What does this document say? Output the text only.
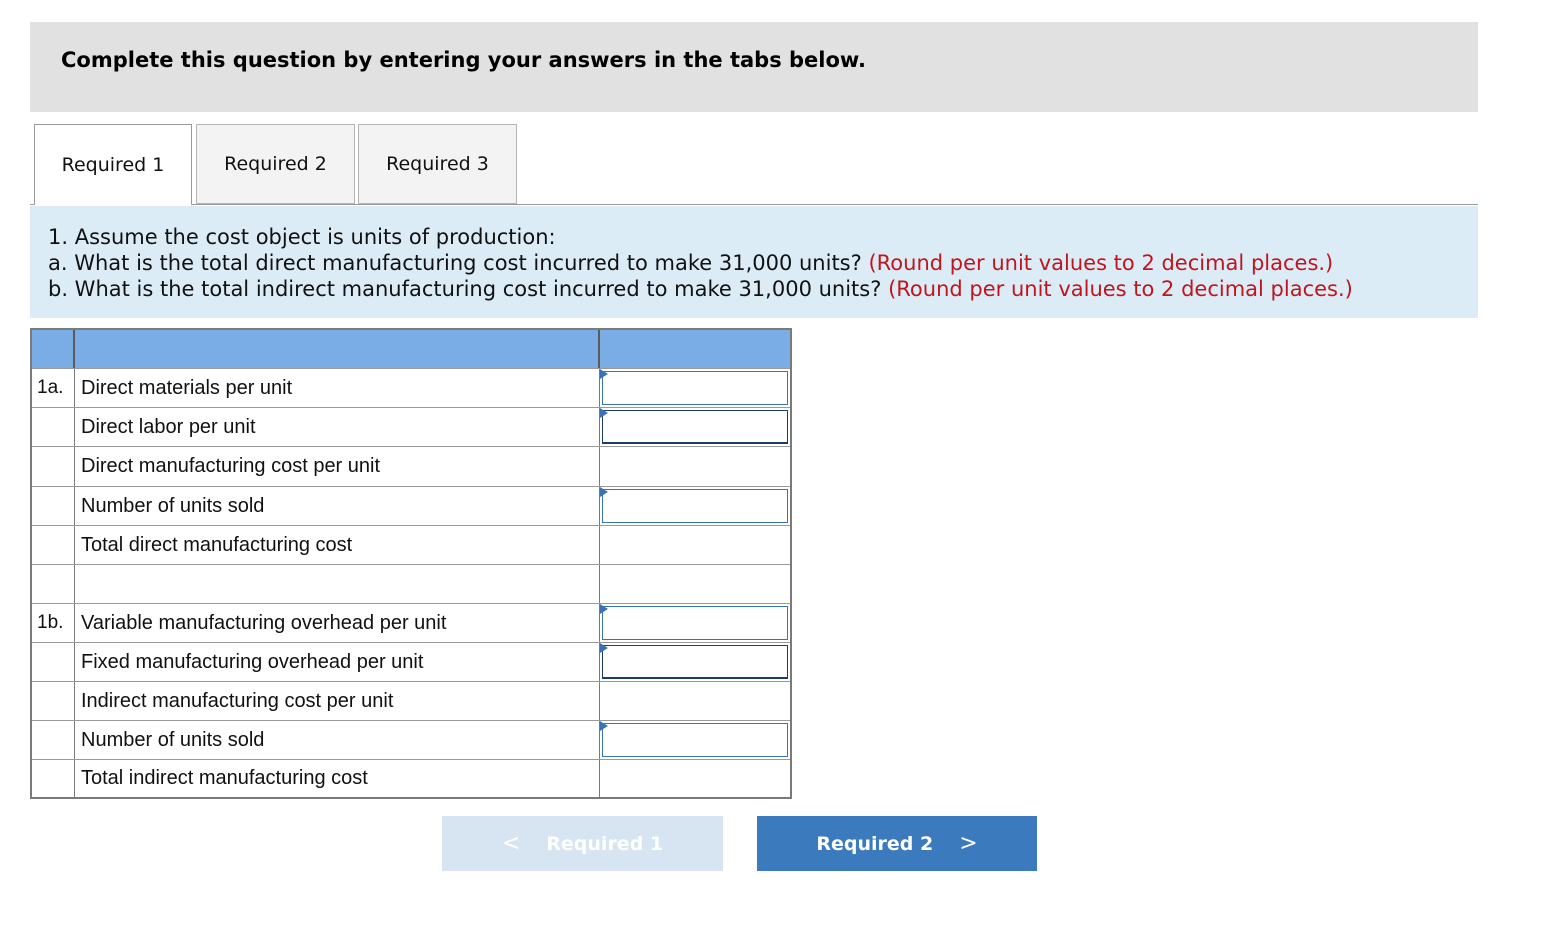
Complete this question by entering your answers in the tabs below.
Required 1	Required 2	Required 3
1. Assume the cost object is units of production:
a. What is the total direct manufacturing cost incurred to make 31,000 units? (Round per unit values to 2 decimal places.)
b. What is the total indirect manufacturing cost incurred to make 31,000 units? (Round per unit values to 2 decimal places.)
1a. Direct materials per unit
Direct labor per unit
Direct manufacturing cost per unit
Number of units sold
Total direct manufacturing cost
1b. Variable manufacturing overhead per unit
Fixed manufacturing overhead per unit
Indirect manufacturing cost per unit
Number of units sold
Total indirect manufacturing cost
< Required 1	Required 2 >
